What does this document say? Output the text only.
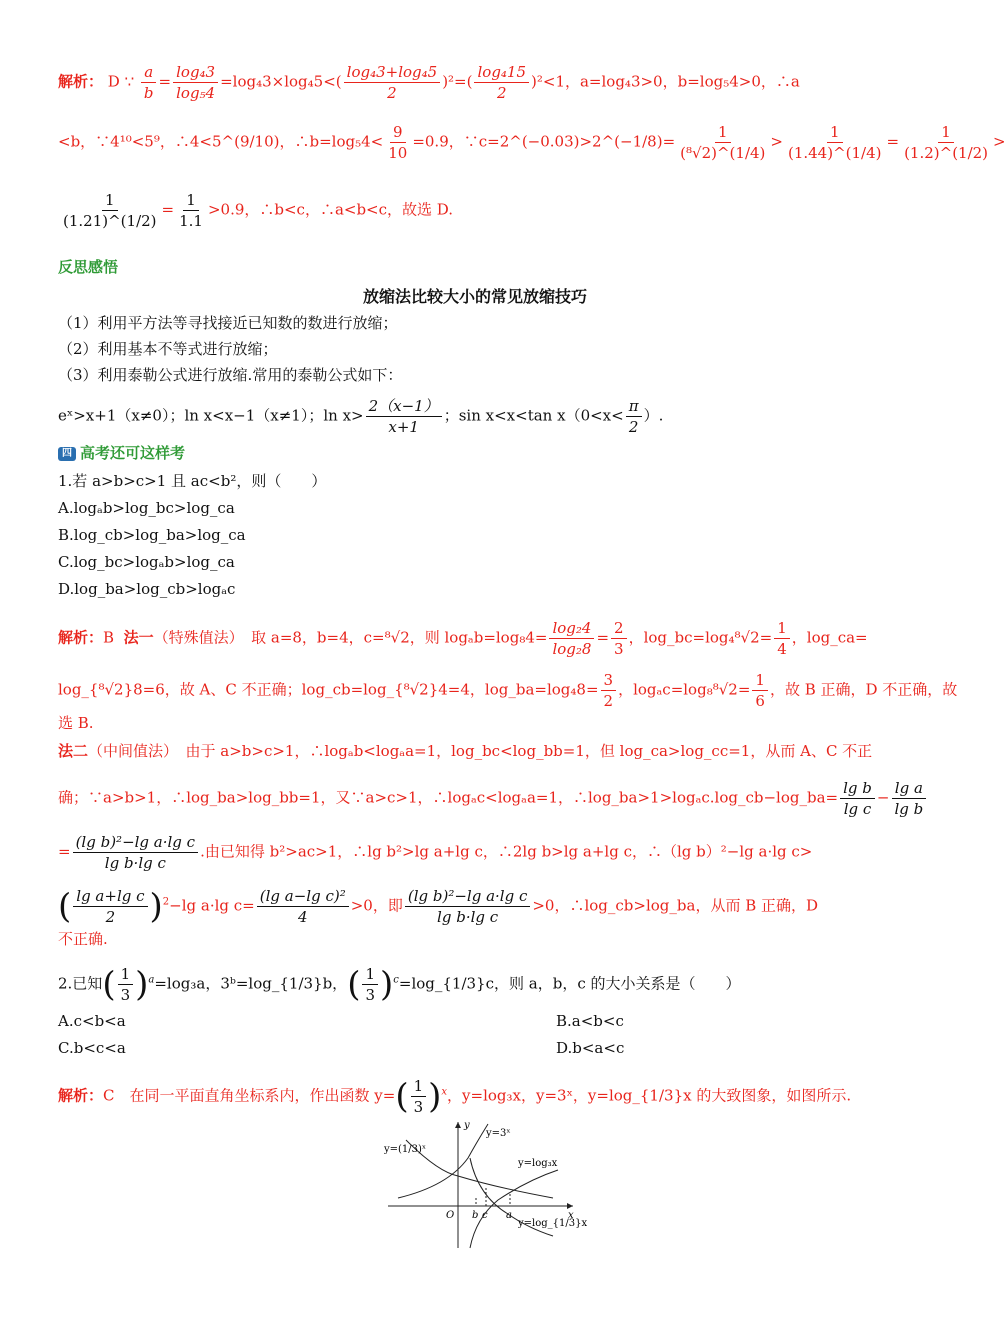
解析： D ∵ $\frac{a}{b} = \frac{\text{log₄3}}{\text{log₅4}} =\log_43\times\log_45<( \frac{\text{log₄3+log₄5}}{2} )^2=( \frac{\text{log₄15}}{2} )^2<1$，a=log₄3>0，b=log₅4>0，∴a
<b，∵4¹⁰<5⁹，∴4<5^(9/10)，∴b=log₅4< $\frac{9}{10} =0.9$，∵c=2^(−0.03)>2^(−1/8)= $\frac{1}{\text{(⁸√2)\textasciicircum{}(1/4)}} > \frac{1}{(1.44)\^{}(1/4)} = \frac{1}{(1.2)\^{}(1/2)}$ >
$\frac{1}{(1.21)\^{}(1/2)} = \frac{1}{1.1} >0.9$，∴b<c，∴a<b<c，故选 D.
反思感悟
放缩法比较大小的常见放缩技巧
（1）利用平方法等寻找接近已知数的数进行放缩；
（2）利用基本不等式进行放缩；
（3）利用泰勒公式进行放缩.常用的泰勒公式如下：
eˣ>x+1（x≠0）；ln x<x−1（x≠1）；$\ln x> \frac{2(x-1)}{x+1}$ ；sin x<x<tan $x(0<x< \frac{\pi}{2}$ ）.
四 高考还可这样考
1.若 a>b>c>1 且 ac<b²，则（　　）
A.logₐb>log_bc>log_ca
B.log_cb>log_ba>log_ca
C.log_bc>logₐb>log_ca
D.log_ba>log_cb>logₐc
解析：B 法一（特殊值法）　取 a=8，b=4，c=⁸√2，则 $\log_ab=\log_84= \frac{\text{log₂4}}{\text{log₂8}} = \frac{2}{3}$ ，log_bc=log₄⁸√2= $\frac{1}{4}$ ，log_ca=
log_{⁸√2}8=6，故 A、C 不正确；log_cb=log_{⁸√2}4=4，log_ba=log₄8= $\frac{3}{2}$ ，$\log_ac=\log_8^8√2= \frac{1}{6}$ ，故 B 正确，D 不正确，故
选 B.
法二（中间值法）　由于 a>b>c>1，∴logₐb<logₐa=1，log_bc<log_bb=1，但 log_ca>log_cc=1，从而 A、C 不正
确；∵a>b>1，∴log_ba>log_bb=1，又∵a>c>1，∴logₐc<logₐa=1，∴log_ba>1>logₐc.log_cb−log_ba= $\frac{\text{lg b}}{\text{lg c}} - \frac{\text{lg a}}{\text{lg b}}$
= $\frac{\text{(lg b)²−lg a·lg c}}{\text{lg b·lg c}}$ .由已知得 b²>ac>1，∴lg b²>lg a+lg c，∴2lg b>lg a+lg c，∴（lg b）²−lg a·lg c>
( $\frac{\text{lg a+lg c}}{2} )^2-\lg$ a·lg $c= \frac{\text{(lg a−lg c)²}}{4} >0$，即 $\frac{\text{(lg b)²−lg a·lg c}}{\text{lg b·lg c}} >0$，∴log_cb>log_ba，从而 B 正确，D
不正确.
2.已知( $\frac{1}{3} )^a=\log_3a$，3ᵇ=log_{1/3}b，( $\frac{1}{3}$ )$^c$=log_{1/3}c，则 a，b，c 的大小关系是（　　）
A.c<b<a	B.a<b<c
C.b<c<a	D.b<a<c
解析：C　在同一平面直角坐标系内，作出函数 $y=( \frac{1}{3} )^x$，y=log₃x，y=3ˣ，y=log_{1/3}x 的大致图象，如图所示.
y=(1/3)ˣ
y=3ˣ
y=log₃x
y=log_{1/3}x
x
y
O b c a
